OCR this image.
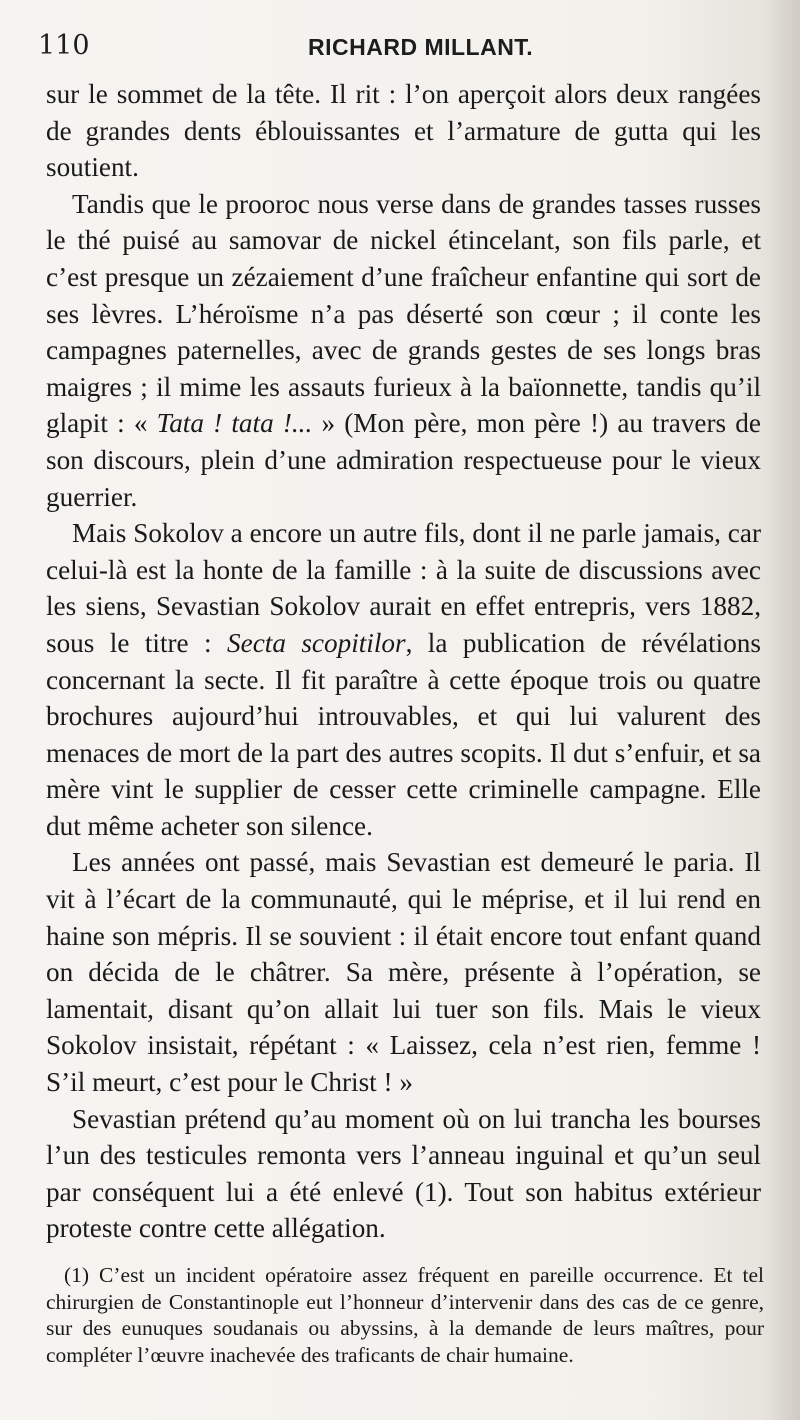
110	RICHARD MILLANT.

sur le sommet de la tête. Il rit : l’on aperçoit alors deux rangées de grandes dents éblouissantes et l’armature de gutta qui les soutient.

Tandis que le prooroc nous verse dans de grandes tasses russes le thé puisé au samovar de nickel étincelant, son fils parle, et c’est presque un zézaiement d’une fraîcheur enfantine qui sort de ses lèvres. L’héroïsme n’a pas déserté son cœur ; il conte les campagnes paternelles, avec de grands gestes de ses longs bras maigres ; il mime les assauts furieux à la baïonnette, tandis qu’il glapit : « Tata ! tata !... » (Mon père, mon père !) au travers de son discours, plein d’une admiration respectueuse pour le vieux guerrier.

Mais Sokolov a encore un autre fils, dont il ne parle jamais, car celui-là est la honte de la famille : à la suite de discussions avec les siens, Sevastian Sokolov aurait en effet entrepris, vers 1882, sous le titre : Secta scopitilor, la publication de révélations concernant la secte. Il fit paraître à cette époque trois ou quatre brochures aujourd’hui introuvables, et qui lui valurent des menaces de mort de la part des autres scopits. Il dut s’enfuir, et sa mère vint le supplier de cesser cette criminelle campagne. Elle dut même acheter son silence.

Les années ont passé, mais Sevastian est demeuré le paria. Il vit à l’écart de la communauté, qui le méprise, et il lui rend en haine son mépris. Il se souvient : il était encore tout enfant quand on décida de le châtrer. Sa mère, présente à l’opération, se lamentait, disant qu’on allait lui tuer son fils. Mais le vieux Sokolov insistait, répétant : « Laissez, cela n’est rien, femme ! S’il meurt, c’est pour le Christ ! »

Sevastian prétend qu’au moment où on lui trancha les bourses l’un des testicules remonta vers l’anneau inguinal et qu’un seul par conséquent lui a été enlevé (1). Tout son habitus extérieur proteste contre cette allégation.

(1) C’est un incident opératoire assez fréquent en pareille occurrence. Et tel chirurgien de Constantinople eut l’honneur d’intervenir dans des cas de ce genre, sur des eunuques soudanais ou abyssins, à la demande de leurs maîtres, pour compléter l’œuvre inachevée des traficants de chair humaine.
